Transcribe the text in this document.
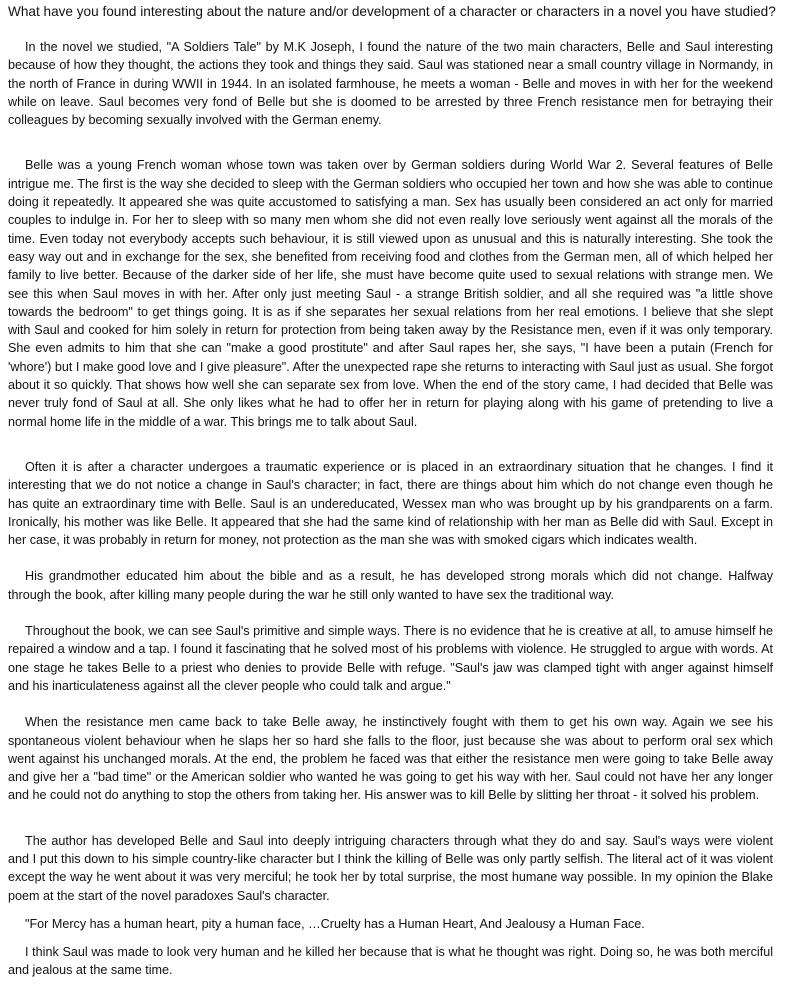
What have you found interesting about the nature and/or development of a character or characters in a novel you have studied?

In the novel we studied, "A Soldiers Tale" by M.K Joseph, I found the nature of the two main characters, Belle and Saul interesting because of how they thought, the actions they took and things they said. Saul was stationed near a small country village in Normandy, in the north of France in during WWII in 1944. In an isolated farmhouse, he meets a woman - Belle and moves in with her for the weekend while on leave. Saul becomes very fond of Belle but she is doomed to be arrested by three French resistance men for betraying their colleagues by becoming sexually involved with the German enemy.

Belle was a young French woman whose town was taken over by German soldiers during World War 2. Several features of Belle intrigue me. The first is the way she decided to sleep with the German soldiers who occupied her town and how she was able to continue doing it repeatedly. It appeared she was quite accustomed to satisfying a man. Sex has usually been considered an act only for married couples to indulge in. For her to sleep with so many men whom she did not even really love seriously went against all the morals of the time. Even today not everybody accepts such behaviour, it is still viewed upon as unusual and this is naturally interesting. She took the easy way out and in exchange for the sex, she benefited from receiving food and clothes from the German men, all of which helped her family to live better. Because of the darker side of her life, she must have become quite used to sexual relations with strange men. We see this when Saul moves in with her. After only just meeting Saul - a strange British soldier, and all she required was "a little shove towards the bedroom" to get things going. It is as if she separates her sexual relations from her real emotions. I believe that she slept with Saul and cooked for him solely in return for protection from being taken away by the Resistance men, even if it was only temporary. She even admits to him that she can "make a good prostitute" and after Saul rapes her, she says, "I have been a putain (French for 'whore') but I make good love and I give pleasure". After the unexpected rape she returns to interacting with Saul just as usual. She forgot about it so quickly. That shows how well she can separate sex from love. When the end of the story came, I had decided that Belle was never truly fond of Saul at all. She only likes what he had to offer her in return for playing along with his game of pretending to live a normal home life in the middle of a war. This brings me to talk about Saul.

Often it is after a character undergoes a traumatic experience or is placed in an extraordinary situation that he changes. I find it interesting that we do not notice a change in Saul's character; in fact, there are things about him which do not change even though he has quite an extraordinary time with Belle. Saul is an undereducated, Wessex man who was brought up by his grandparents on a farm. Ironically, his mother was like Belle. It appeared that she had the same kind of relationship with her man as Belle did with Saul. Except in her case, it was probably in return for money, not protection as the man she was with smoked cigars which indicates wealth.

His grandmother educated him about the bible and as a result, he has developed strong morals which did not change. Halfway through the book, after killing many people during the war he still only wanted to have sex the traditional way.

Throughout the book, we can see Saul's primitive and simple ways. There is no evidence that he is creative at all, to amuse himself he repaired a window and a tap. I found it fascinating that he solved most of his problems with violence. He struggled to argue with words. At one stage he takes Belle to a priest who denies to provide Belle with refuge. "Saul's jaw was clamped tight with anger against himself and his inarticulateness against all the clever people who could talk and argue."

When the resistance men came back to take Belle away, he instinctively fought with them to get his own way. Again we see his spontaneous violent behaviour when he slaps her so hard she falls to the floor, just because she was about to perform oral sex which went against his unchanged morals. At the end, the problem he faced was that either the resistance men were going to take Belle away and give her a "bad time" or the American soldier who wanted he was going to get his way with her. Saul could not have her any longer and he could not do anything to stop the others from taking her. His answer was to kill Belle by slitting her throat - it solved his problem.

The author has developed Belle and Saul into deeply intriguing characters through what they do and say. Saul's ways were violent and I put this down to his simple country-like character but I think the killing of Belle was only partly selfish. The literal act of it was violent except the way he went about it was very merciful; he took her by total surprise, the most humane way possible. In my opinion the Blake poem at the start of the novel paradoxes Saul's character.

"For Mercy has a human heart, pity a human face, …Cruelty has a Human Heart, And Jealousy a Human Face.

I think Saul was made to look very human and he killed her because that is what he thought was right. Doing so, he was both merciful and jealous at the same time.
